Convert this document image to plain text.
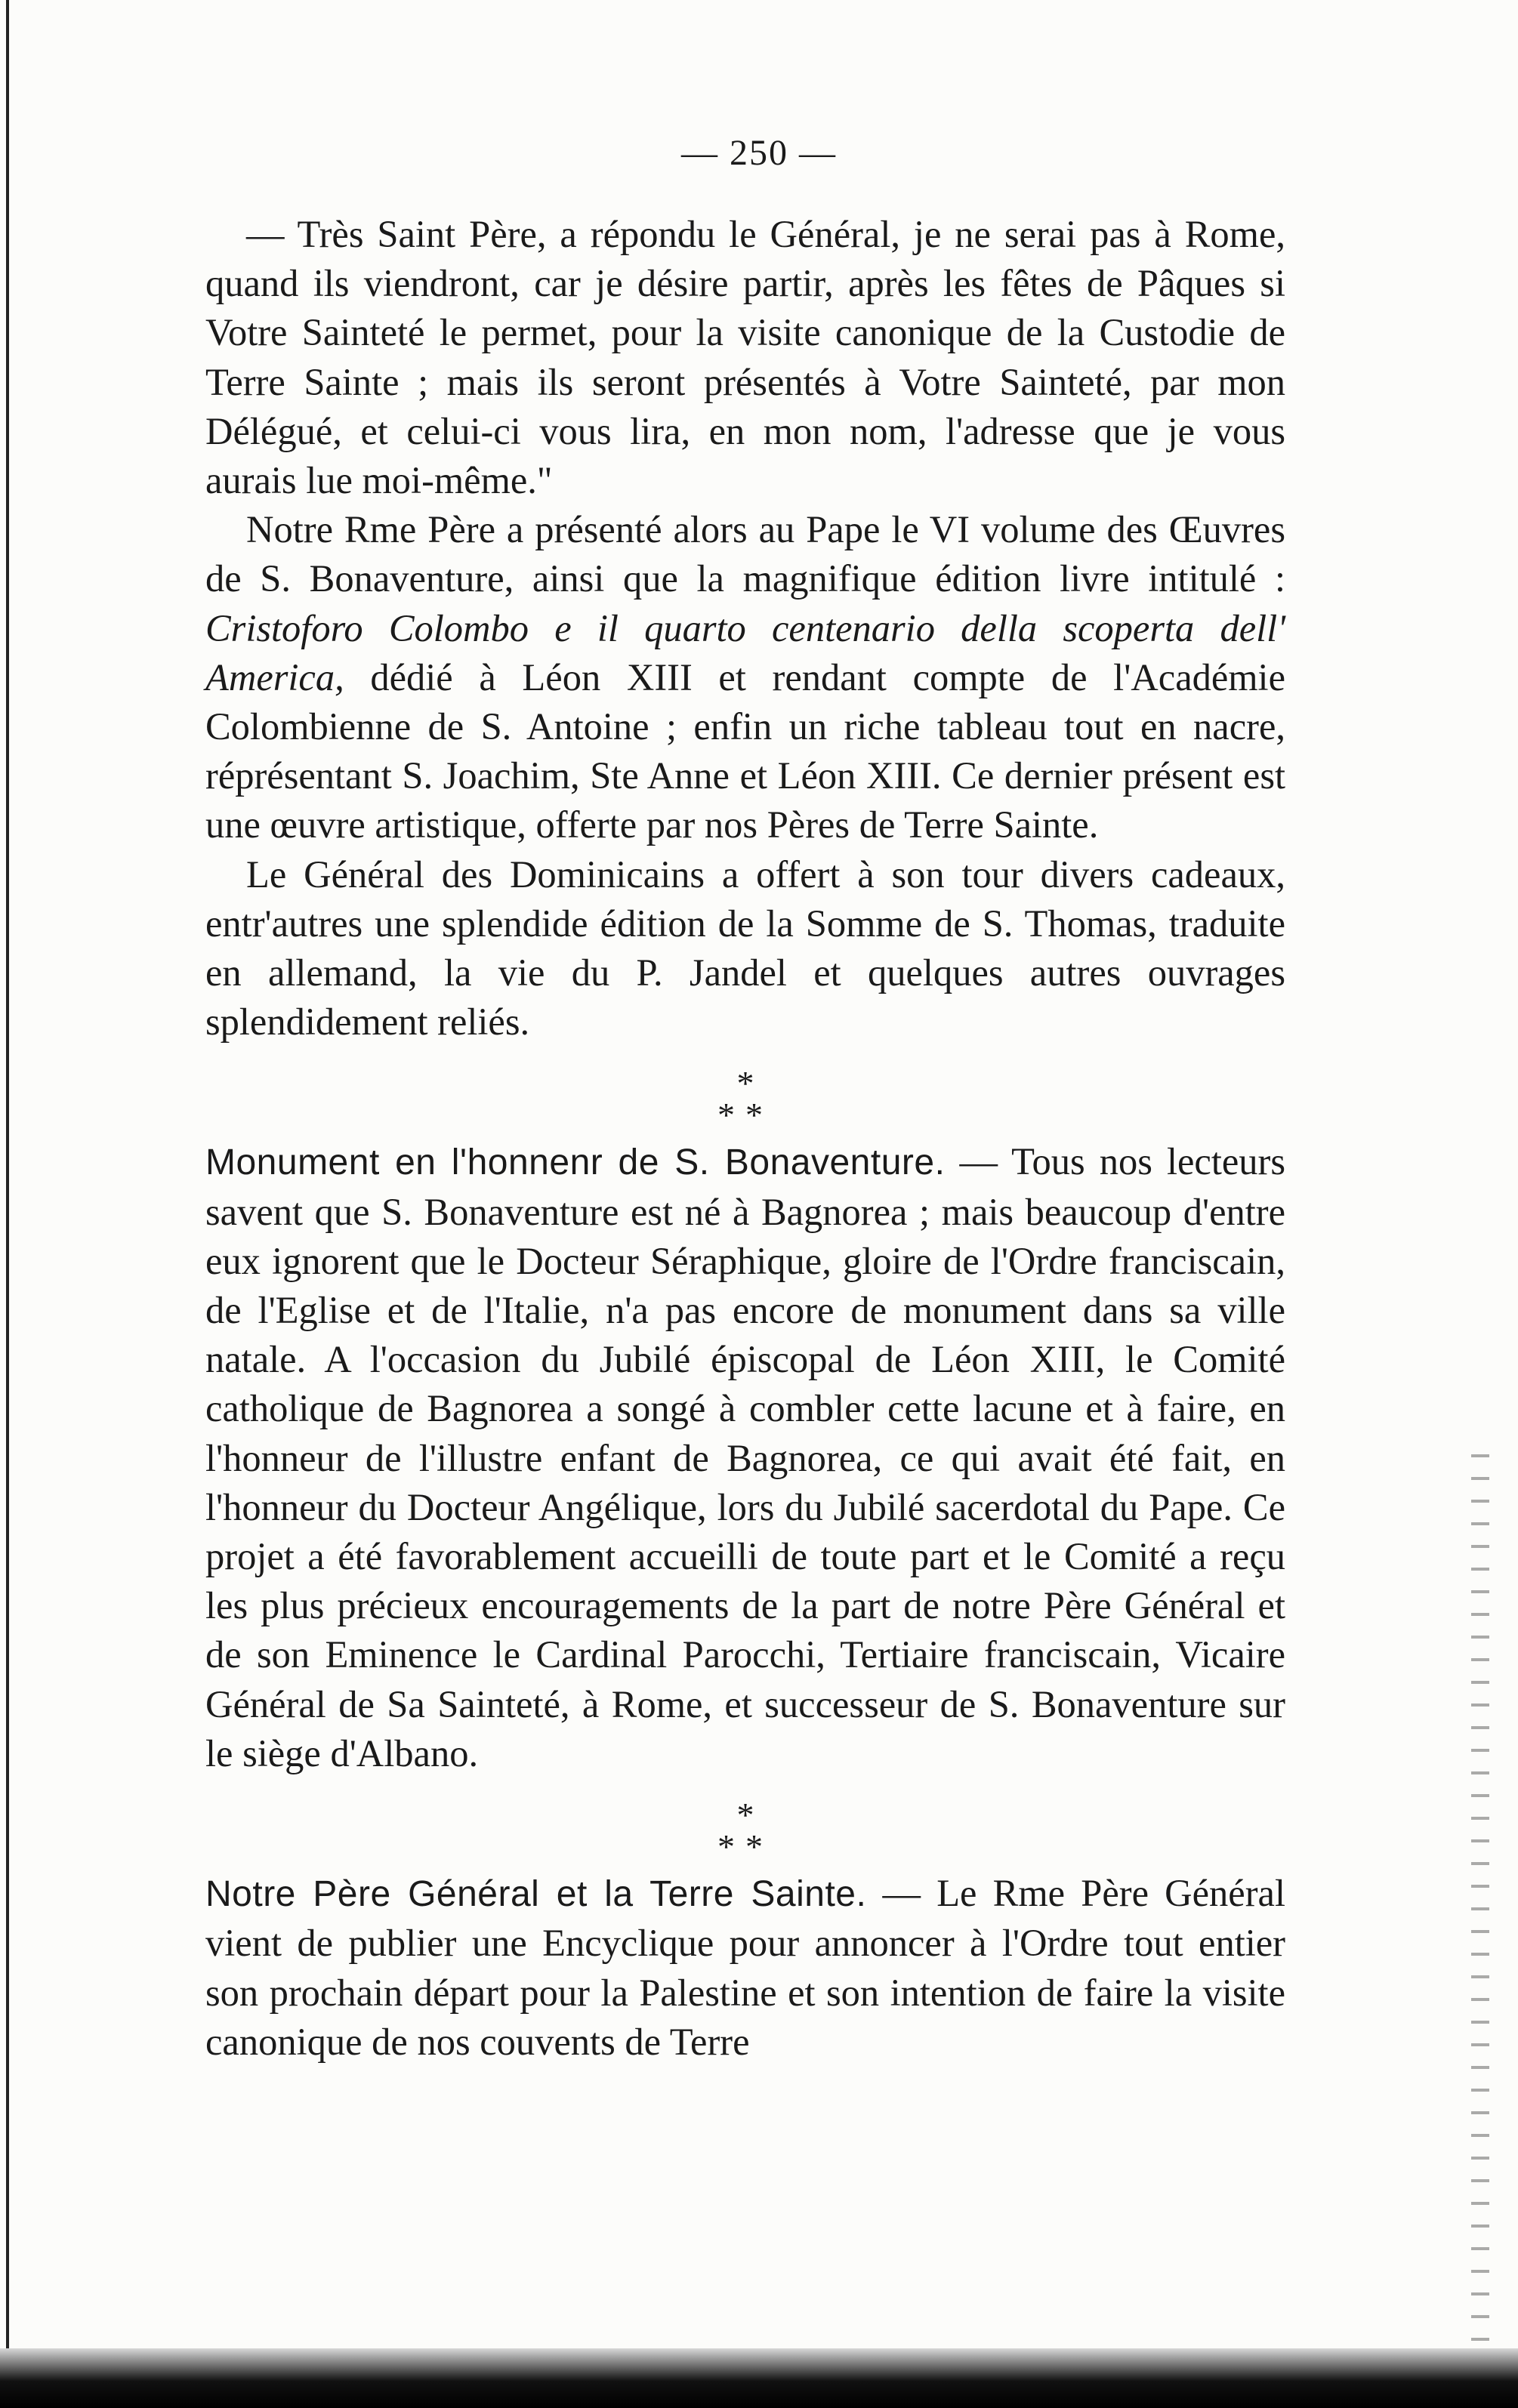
— 250 —

— Très Saint Père, a répondu le Général, je ne serai pas à Rome, quand ils viendront, car je désire partir, après les fêtes de Pâques si Votre Sainteté le permet, pour la visite canonique de la Custodie de Terre Sainte ; mais ils seront présentés à Votre Sainteté, par mon Délégué, et celui-ci vous lira, en mon nom, l'adresse que je vous aurais lue moi-même."

Notre Rme Père a présenté alors au Pape le VI volume des Œuvres de S. Bonaventure, ainsi que la magnifique édition livre intitulé : Cristoforo Colombo e il quarto centenario della scoperta dell' America, dédié à Léon XIII et rendant compte de l'Académie Colombienne de S. Antoine ; enfin un riche tableau tout en nacre, réprésentant S. Joachim, Ste Anne et Léon XIII. Ce dernier présent est une œuvre artistique, offerte par nos Pères de Terre Sainte.

Le Général des Dominicains a offert à son tour divers cadeaux, entr'autres une splendide édition de la Somme de S. Thomas, traduite en allemand, la vie du P. Jandel et quelques autres ouvrages splendidement reliés.

*
**

Monument en l'honnenr de S. Bonaventure. — Tous nos lecteurs savent que S. Bonaventure est né à Bagnorea ; mais beaucoup d'entre eux ignorent que le Docteur Séraphique, gloire de l'Ordre franciscain, de l'Eglise et de l'Italie, n'a pas encore de monument dans sa ville natale. A l'occasion du Jubilé épiscopal de Léon XIII, le Comité catholique de Bagnorea a songé à combler cette lacune et à faire, en l'honneur de l'illustre enfant de Bagnorea, ce qui avait été fait, en l'honneur du Docteur Angélique, lors du Jubilé sacerdotal du Pape. Ce projet a été favorablement accueilli de toute part et le Comité a reçu les plus précieux encouragements de la part de notre Père Général et de son Eminence le Cardinal Parocchi, Tertiaire franciscain, Vicaire Général de Sa Sainteté, à Rome, et successeur de S. Bonaventure sur le siège d'Albano.

*
**

Notre Père Général et la Terre Sainte. — Le Rme Père Général vient de publier une Encyclique pour annoncer à l'Ordre tout entier son prochain départ pour la Palestine et son intention de faire la visite canonique de nos couvents de Terre
